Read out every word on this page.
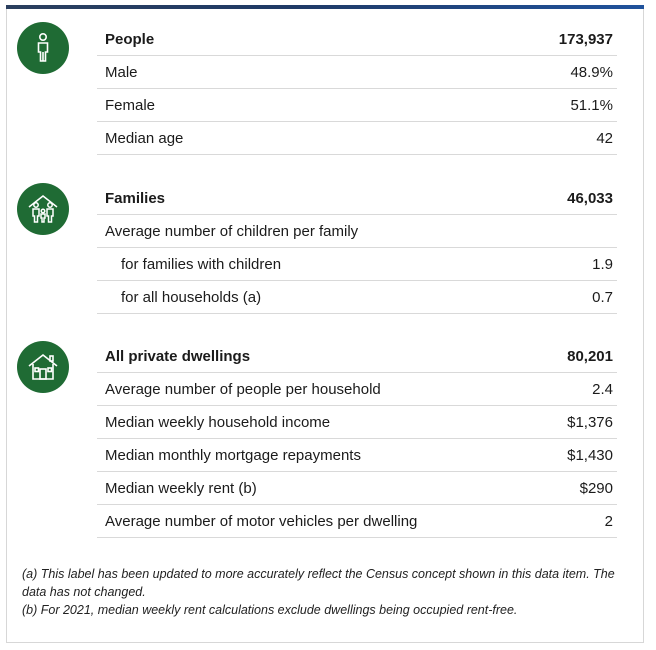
People	173,937
Male	48.9%
Female	51.1%
Median age	42
Families	46,033
Average number of children per family
for families with children	1.9
for all households (a)	0.7
All private dwellings	80,201
Average number of people per household	2.4
Median weekly household income	$1,376
Median monthly mortgage repayments	$1,430
Median weekly rent (b)	$290
Average number of motor vehicles per dwelling	2

(a) This label has been updated to more accurately reflect the Census concept shown in this data item. The data has not changed.

(b) For 2021, median weekly rent calculations exclude dwellings being occupied rent-free.
